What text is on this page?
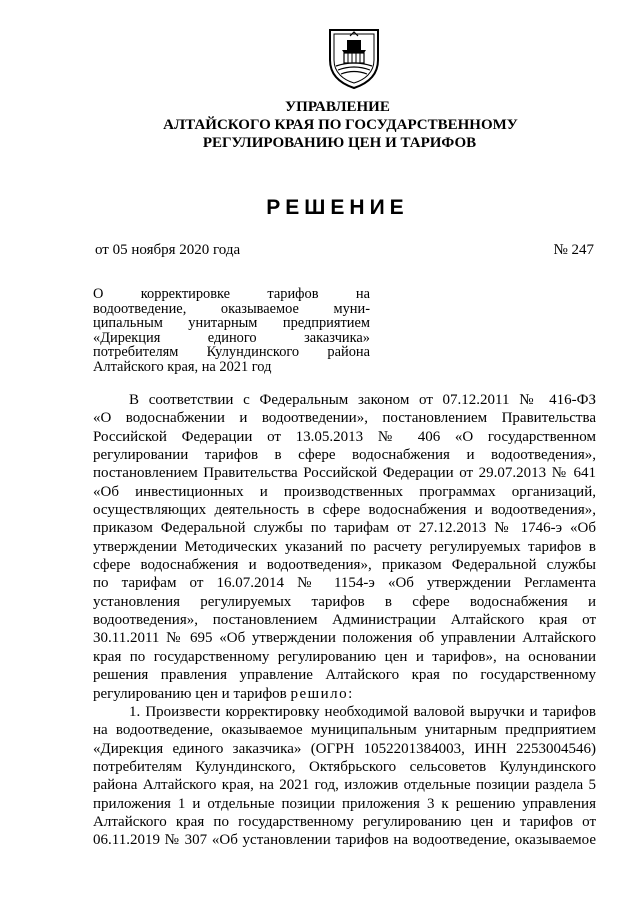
УПРАВЛЕНИЕ
АЛТАЙСКОГО КРАЯ ПО ГОСУДАРСТВЕННОМУ
РЕГУЛИРОВАНИЮ ЦЕН И ТАРИФОВ
РЕШЕНИЕ
от 05 ноября 2020 года	№ 247
О корректировке тарифов на
водоотведение, оказываемое муни-
ципальным унитарным предприятием
«Дирекция единого заказчика»
потребителям Кулундинского района
Алтайского края, на 2021 год
В соответствии с Федеральным законом от 07.12.2011 № 416-ФЗ
«О водоснабжении и водоотведении», постановлением Правительства
Российской Федерации от 13.05.2013 № 406 «О государственном
регулировании тарифов в сфере водоснабжения и водоотведения»,
постановлением Правительства Российской Федерации от 29.07.2013 № 641
«Об инвестиционных и производственных программах организаций,
осуществляющих деятельность в сфере водоснабжения и водоотведения»,
приказом Федеральной службы по тарифам от 27.12.2013 № 1746-э «Об
утверждении Методических указаний по расчету регулируемых тарифов в
сфере водоснабжения и водоотведения», приказом Федеральной службы
по тарифам от 16.07.2014 № 1154-э «Об утверждении Регламента
установления регулируемых тарифов в сфере водоснабжения и
водоотведения», постановлением Администрации Алтайского края от
30.11.2011 № 695 «Об утверждении положения об управлении Алтайского
края по государственному регулированию цен и тарифов», на основании
решения правления управление Алтайского края по государственному
регулированию цен и тарифов решило:
1. Произвести корректировку необходимой валовой выручки и тарифов
на водоотведение, оказываемое муниципальным унитарным предприятием
«Дирекция единого заказчика» (ОГРН 1052201384003, ИНН 2253004546)
потребителям Кулундинского, Октябрьского сельсоветов Кулундинского
района Алтайского края, на 2021 год, изложив отдельные позиции раздела 5
приложения 1 и отдельные позиции приложения 3 к решению управления
Алтайского края по государственному регулированию цен и тарифов от
06.11.2019 № 307 «Об установлении тарифов на водоотведение, оказываемое
